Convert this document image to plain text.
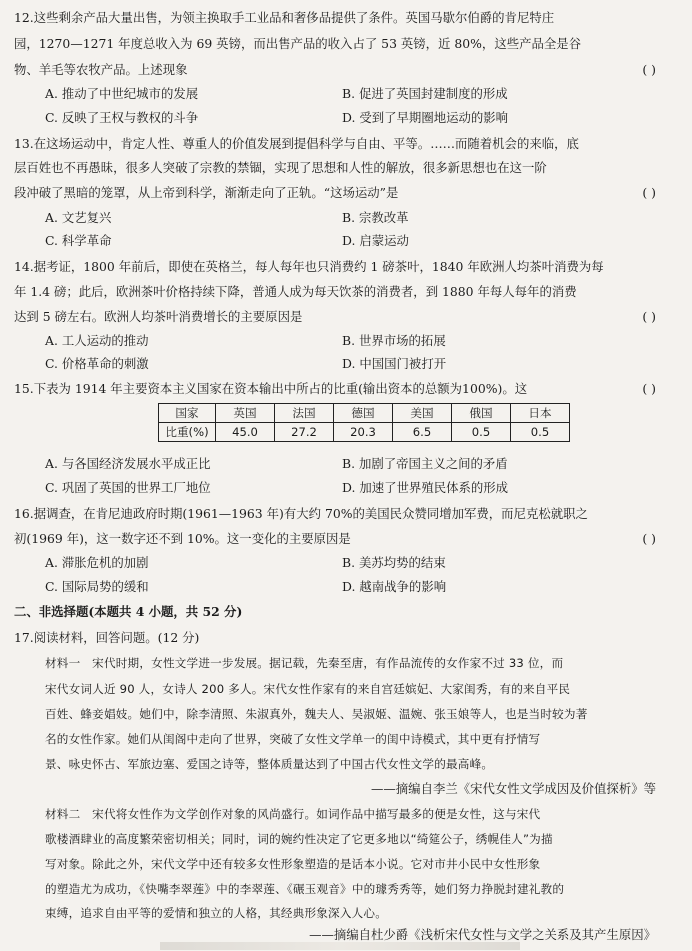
12.这些剩余产品大量出售，为领主换取手工业品和奢侈品提供了条件。英国马歇尔伯爵的肯尼特庄
园，1270—1271 年度总收入为 69 英镑，而出售产品的收入占了 53 英镑，近 80%，这些产品全是谷
物、羊毛等农牧产品。上述现象	( )
A. 推动了中世纪城市的发展	B. 促进了英国封建制度的形成
C. 反映了王权与教权的斗争	D. 受到了早期圈地运动的影响
13.在这场运动中，肯定人性、尊重人的价值发展到提倡科学与自由、平等。……而随着机会的来临，底
层百姓也不再愚昧，很多人突破了宗教的禁锢，实现了思想和人性的解放，很多新思想也在这一阶
段冲破了黑暗的笼罩，从上帝到科学，渐渐走向了正轨。“这场运动”是	( )
A. 文艺复兴	B. 宗教改革
C. 科学革命	D. 启蒙运动
14.据考证，1800 年前后，即使在英格兰，每人每年也只消费约 1 磅茶叶，1840 年欧洲人均茶叶消费为每
年 1.4 磅；此后，欧洲茶叶价格持续下降，普通人成为每天饮茶的消费者，到 1880 年每人每年的消费
达到 5 磅左右。欧洲人均茶叶消费增长的主要原因是	( )
A. 工人运动的推动	B. 世界市场的拓展
C. 价格革命的刺激	D. 中国国门被打开
15.下表为 1914 年主要资本主义国家在资本输出中所占的比重(输出资本的总额为100%)。这	( )
国家	英国	法国	德国	美国	俄国	日本
比重(%)	45.0	27.2	20.3	6.5	0.5	0.5
A. 与各国经济发展水平成正比	B. 加剧了帝国主义之间的矛盾
C. 巩固了英国的世界工厂地位	D. 加速了世界殖民体系的形成
16.据调查，在肯尼迪政府时期(1961—1963 年)有大约 70%的美国民众赞同增加军费，而尼克松就职之
初(1969 年)，这一数字还不到 10%。这一变化的主要原因是	( )
A. 滞胀危机的加剧	B. 美苏均势的结束
C. 国际局势的缓和	D. 越南战争的影响
二、非选择题(本题共 4 小题，共 52 分)
17.阅读材料，回答问题。(12 分)
材料一　宋代时期，女性文学进一步发展。据记载，先秦至唐，有作品流传的女作家不过 33 位，而
宋代女词人近 90 人，女诗人 200 多人。宋代女性作家有的来自宫廷嫔妃、大家闺秀，有的来自平民
百姓、蜂妾娼妓。她们中，除李清照、朱淑真外，魏夫人、吴淑姬、温婉、张玉娘等人，也是当时较为著
名的女性作家。她们从闺阁中走向了世界，突破了女性文学单一的闺中诗模式，其中更有抒情写
景、咏史怀古、军旅边塞、爱国之诗等，整体质量达到了中国古代女性文学的最高峰。
——摘编自李兰《宋代女性文学成因及价值探析》等
材料二　宋代将女性作为文学创作对象的风尚盛行。如词作品中描写最多的便是女性，这与宋代
歌楼酒肆业的高度繁荣密切相关；同时，词的婉约性决定了它更多地以“绮筵公子，绣幌佳人”为描
写对象。除此之外，宋代文学中还有较多女性形象塑造的是话本小说。它对市井小民中女性形象
的塑造尤为成功，《快嘴李翠莲》中的李翠莲、《碾玉观音》中的璩秀秀等，她们努力挣脱封建礼教的
束缚，追求自由平等的爱情和独立的人格，其经典形象深入人心。
——摘编自杜少爵《浅析宋代女性与文学之关系及其产生原因》
